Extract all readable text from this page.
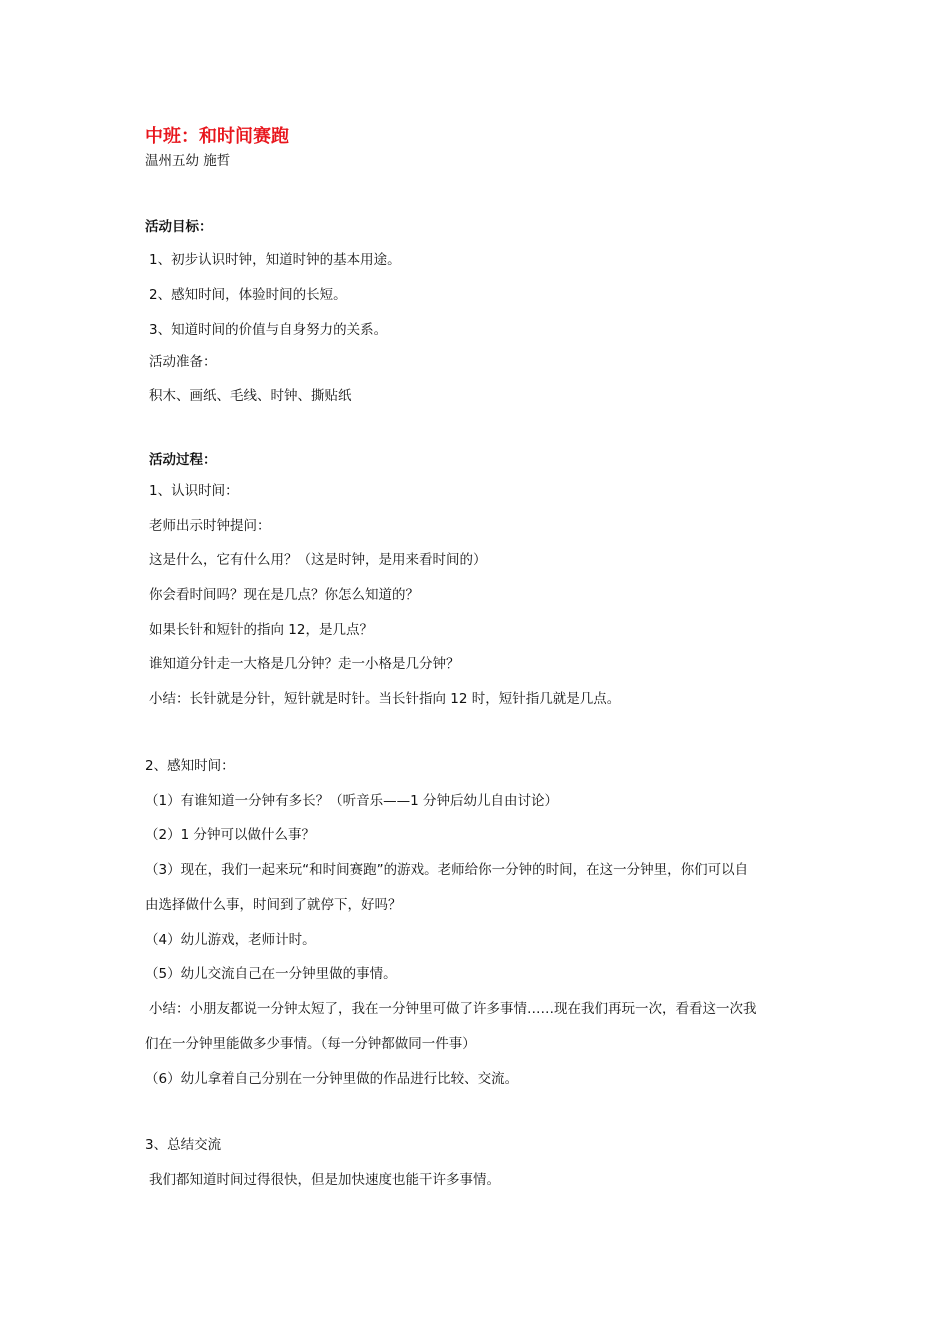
中班：和时间赛跑
温州五幼 施哲
活动目标：
1、初步认识时钟，知道时钟的基本用途。
2、感知时间，体验时间的长短。
3、知道时间的价值与自身努力的关系。
活动准备：
积木、画纸、毛线、时钟、撕贴纸
活动过程：
1、认识时间：
老师出示时钟提问：
这是什么，它有什么用？（这是时钟，是用来看时间的）
你会看时间吗？现在是几点？你怎么知道的？
如果长针和短针的指向 12，是几点？
谁知道分针走一大格是几分钟？走一小格是几分钟？
小结：长针就是分针，短针就是时针。当长针指向 12 时，短针指几就是几点。
2、感知时间：
（1）有谁知道一分钟有多长？（听音乐——1 分钟后幼儿自由讨论）
（2）1 分钟可以做什么事？
（3）现在，我们一起来玩“和时间赛跑”的游戏。老师给你一分钟的时间，在这一分钟里，你们可以自
由选择做什么事，时间到了就停下，好吗？
（4）幼儿游戏，老师计时。
（5）幼儿交流自己在一分钟里做的事情。
小结：小朋友都说一分钟太短了，我在一分钟里可做了许多事情……现在我们再玩一次，看看这一次我
们在一分钟里能做多少事情。（每一分钟都做同一件事）
（6）幼儿拿着自己分别在一分钟里做的作品进行比较、交流。
3、总结交流
我们都知道时间过得很快，但是加快速度也能干许多事情。
